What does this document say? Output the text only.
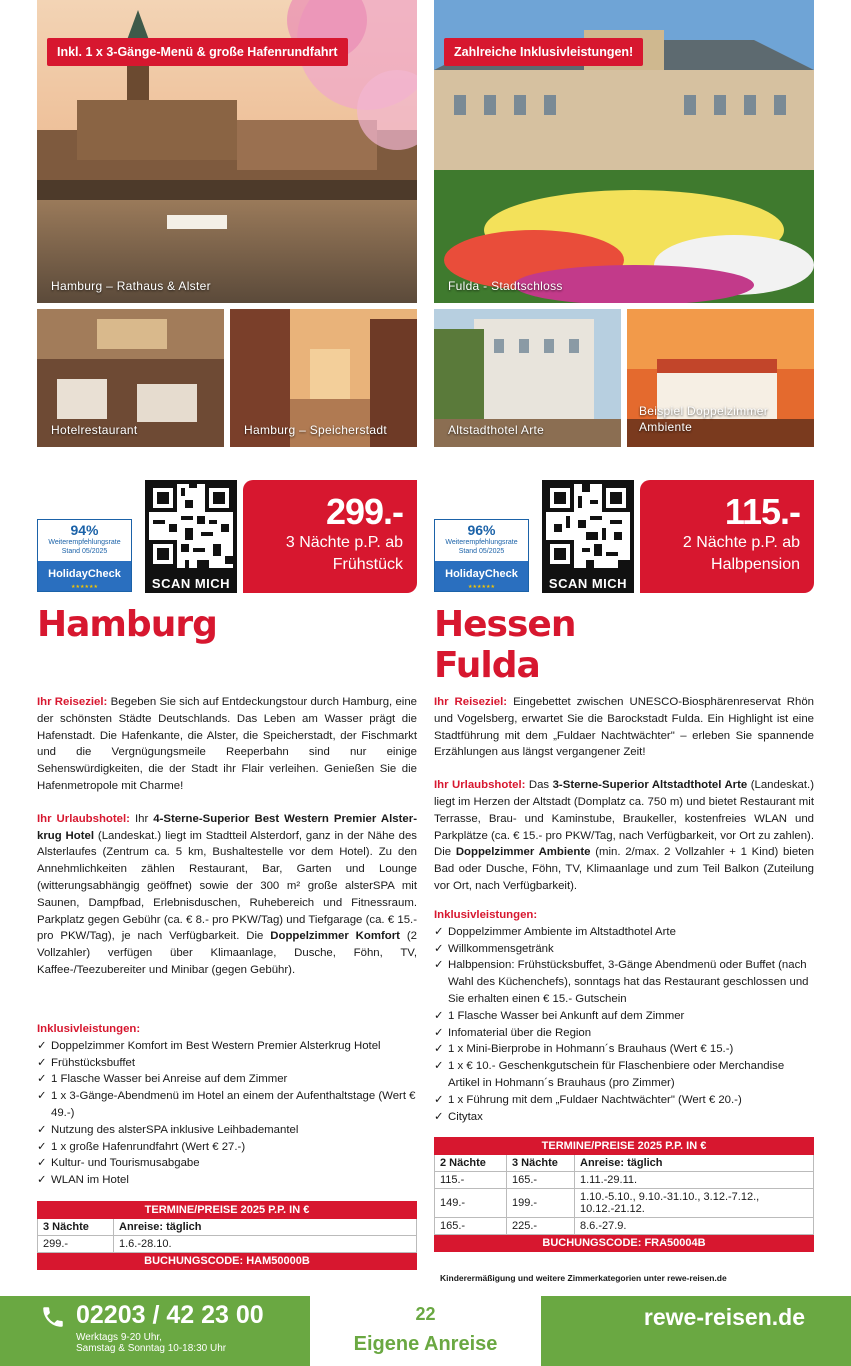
Inkl. 1 x 3-Gänge-Menü & große Hafenrundfahrt
Hamburg – Rathaus & Alster
Hotelrestaurant	Hamburg – Speicherstadt
94%
Weiterempfehlungsrate
Stand 05/2025
HolidayCheck
★★★★★★	SCAN MICH
299.-
3 Nächte p.P. ab
Frühstück
Hamburg

Ihr Reiseziel: Begeben Sie sich auf Entdeckungstour durch Hamburg, eine der schönsten Städte Deutschlands. Das Leben am Wasser prägt die Hafenstadt. Die Hafenkante, die Alster, die Speicherstadt, der Fischmarkt und die Vergnügungsmeile Reeperbahn sind nur einige Sehenswürdigkeiten, die der Stadt ihr Flair verleihen. Genießen Sie die Hafenmetropole mit Charme!

Ihr Urlaubshotel: Ihr 4-Sterne-Superior Best Western Premier Alsterkrug Hotel (Landeskat.) liegt im Stadtteil Alsterdorf, ganz in der Nähe des Alsterlaufes (Zentrum ca. 5 km, Bushaltestelle vor dem Hotel). Zu den Annehmlichkeiten zählen Restaurant, Bar, Garten und Lounge (witterungsabhängig geöffnet) sowie der 300 m² große alsterSPA mit Saunen, Dampfbad, Erlebnisduschen, Ruhebereich und Fitnessraum. Parkplatz gegen Gebühr (ca. € 8.- pro PKW/Tag) und Tiefgarage (ca. € 15.- pro PKW/Tag), je nach Verfügbarkeit. Die Doppelzimmer Komfort (2 Vollzahler) verfügen über Klimaanlage, Dusche, Föhn, TV, Kaffee-/Teezubereiter und Minibar (gegen Gebühr).

Inklusivleistungen:
✓ Doppelzimmer Komfort im Best Western Premier Alsterkrug Hotel
✓ Frühstücksbuffet
✓ 1 Flasche Wasser bei Anreise auf dem Zimmer
✓ 1 x 3-Gänge-Abendmenü im Hotel an einem der Aufenthaltstage (Wert € 49.-)
✓ Nutzung des alsterSPA inklusive Leihbademantel
✓ 1 x große Hafenrundfahrt (Wert € 27.-)
✓ Kultur- und Tourismusabgabe
✓ WLAN im Hotel
TERMINE/PREISE 2025 P.P. IN €	
3 Nächte	Anreise: täglich
299.-	1.6.-28.10.
BUCHUNGSCODE: HAM50000B	
Zahlreiche Inklusivleistungen!
Fulda - Stadtschloss
Altstadthotel Arte
Beispiel Doppelzimmer Ambiente
96%
Weiterempfehlungsrate
Stand 05/2025
HolidayCheck
★★★★★★	SCAN MICH
115.-
2 Nächte p.P. ab
Halbpension
Hessen
Fulda

Ihr Reiseziel: Eingebettet zwischen UNESCO-Biosphärenreservat Rhön und Vogelsberg, erwartet Sie die Barockstadt Fulda. Ein Highlight ist eine Stadtführung mit dem „Fuldaer Nachtwächter" – erleben Sie spannende Erzählungen aus längst vergangener Zeit!

Ihr Urlaubshotel: Das 3-Sterne-Superior Altstadthotel Arte (Landeskat.) liegt im Herzen der Altstadt (Domplatz ca. 750 m) und bietet Restaurant mit Terrasse, Brau- und Kaminstube, Braukeller, kostenfreies WLAN und Parkplätze (ca. € 15.- pro PKW/Tag, nach Verfügbarkeit, vor Ort zu zahlen). Die Doppelzimmer Ambiente (min. 2/max. 2 Vollzahler + 1 Kind) bieten Bad oder Dusche, Föhn, TV, Klimaanlage und zum Teil Balkon (Zuteilung vor Ort, nach Verfügbarkeit).

Inklusivleistungen:
✓ Doppelzimmer Ambiente im Altstadthotel Arte
✓ Willkommensgetränk
✓ Halbpension: Frühstücksbuffet, 3-Gänge Abendmenü oder Buffet (nach Wahl des Küchenchefs), sonntags hat das Restaurant geschlossen und Sie erhalten einen € 15.- Gutschein
✓ 1 Flasche Wasser bei Ankunft auf dem Zimmer
✓ Infomaterial über die Region
✓ 1 x Mini-Bierprobe in Hohmann´s Brauhaus (Wert € 15.-)
✓ 1 x € 10.- Geschenkgutschein für Flaschenbiere oder Merchandise Artikel in Hohmann´s Brauhaus (pro Zimmer)
✓ 1 x Führung mit dem „Fuldaer Nachtwächter" (Wert € 20.-)
✓ Citytax
TERMINE/PREISE 2025 P.P. IN €		
2 Nächte	3 Nächte	Anreise: täglich
115.-	165.-	1.11.-29.11.
149.-	199.-	1.10.-5.10., 9.10.-31.10., 3.12.-7.12., 10.12.-21.12.
165.-	225.-	8.6.-27.9.
BUCHUNGSCODE: FRA50004B		
Kinderermäßigung und weitere Zimmerkategorien unter rewe-reisen.de
02203 / 42 23 00
Werktags 9-20 Uhr,
Samstag & Sonntag 10-18:30 Uhr
22
Eigene Anreise
rewe-reisen.de
